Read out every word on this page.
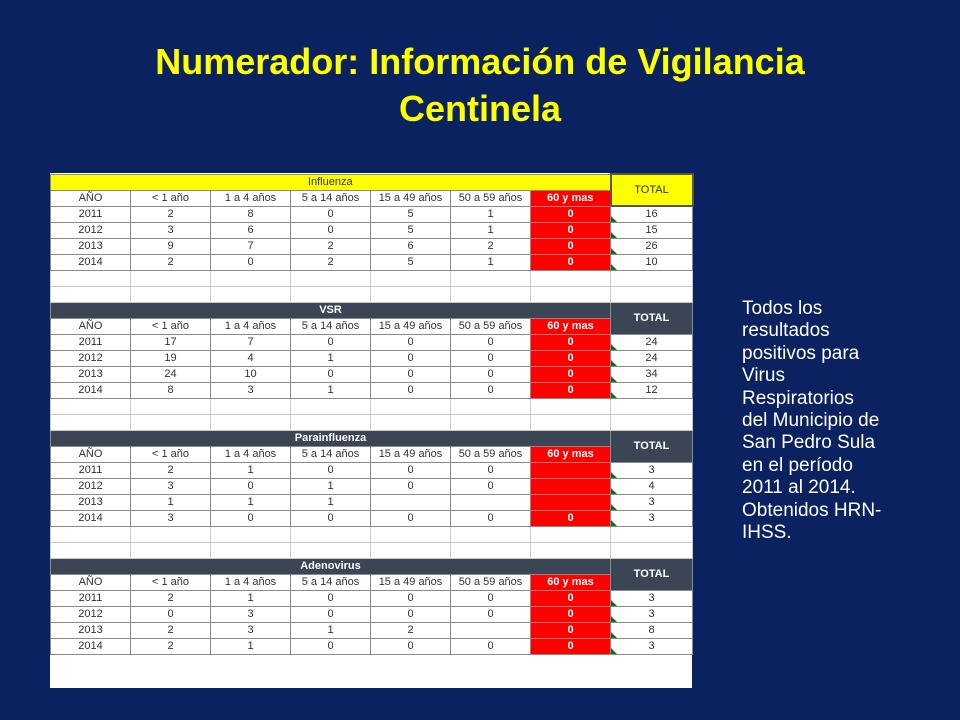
Numerador: Información de Vigilancia
Centinela
Influenza							TOTAL
AÑO	< 1 año	1 a 4 años	5 a 14 años	15 a 49 años	50 a 59 años	60 y mas	
2011	2	8	0	5	1	0	16
2012	3	6	0	5	1	0	15
2013	9	7	2	6	2	0	26
2014	2	0	2	5	1	0	10

VSR							TOTAL
AÑO	< 1 año	1 a 4 años	5 a 14 años	15 a 49 años	50 a 59 años	60 y mas	
2011	17	7	0	0	0	0	24
2012	19	4	1	0	0	0	24
2013	24	10	0	0	0	0	34
2014	8	3	1	0	0	0	12

Parainfluenza							TOTAL
AÑO	< 1 año	1 a 4 años	5 a 14 años	15 a 49 años	50 a 59 años	60 y mas	
2011	2	1	0	0	0		3
2012	3	0	1	0	0		4
2013	1	1	1				3
2014	3	0	0	0	0	0	3

Adenovirus							TOTAL
AÑO	< 1 año	1 a 4 años	5 a 14 años	15 a 49 años	50 a 59 años	60 y mas	
2011	2	1	0	0	0	0	3
2012	0	3	0	0	0	0	3
2013	2	3	1	2		0	8
2014	2	1	0	0	0	0	3
Todos los
resultados
positivos para
Virus
Respiratorios
del Municipio de
San Pedro Sula
en el período
2011 al 2014.
Obtenidos HRN-
IHSS.
